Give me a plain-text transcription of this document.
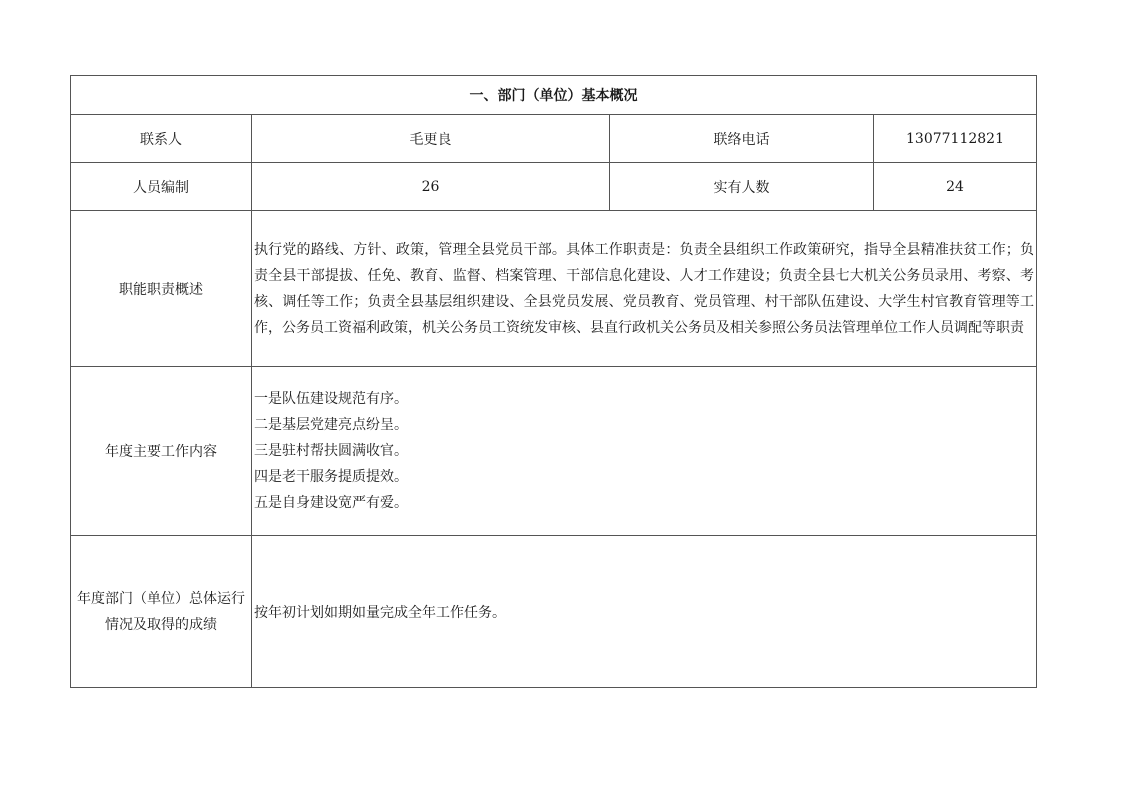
一、部门（单位）基本概况			
联系人	毛更良	联络电话	13077112821
人员编制	26	实有人数	24
职能职责概述	执行党的路线、方针、政策，管理全县党员干部。具体工作职责是：负责全县组织工作政策研究，指导全县精准扶贫工作；负责全县干部提拔、任免、教育、监督、档案管理、干部信息化建设、人才工作建设；负责全县七大机关公务员录用、考察、考核、调任等工作；负责全县基层组织建设、全县党员发展、党员教育、党员管理、村干部队伍建设、大学生村官教育管理等工作，公务员工资福利政策，机关公务员工资统发审核、县直行政机关公务员及相关参照公务员法管理单位工作人员调配等职责		
年度主要工作内容	一是队伍建设规范有序。
二是基层党建亮点纷呈。
三是驻村帮扶圆满收官。
四是老干服务提质提效。
五是自身建设宽严有爱。		

年度部门（单位）总体运行情况及取得的成绩	按年初计划如期如量完成全年工作任务。		
